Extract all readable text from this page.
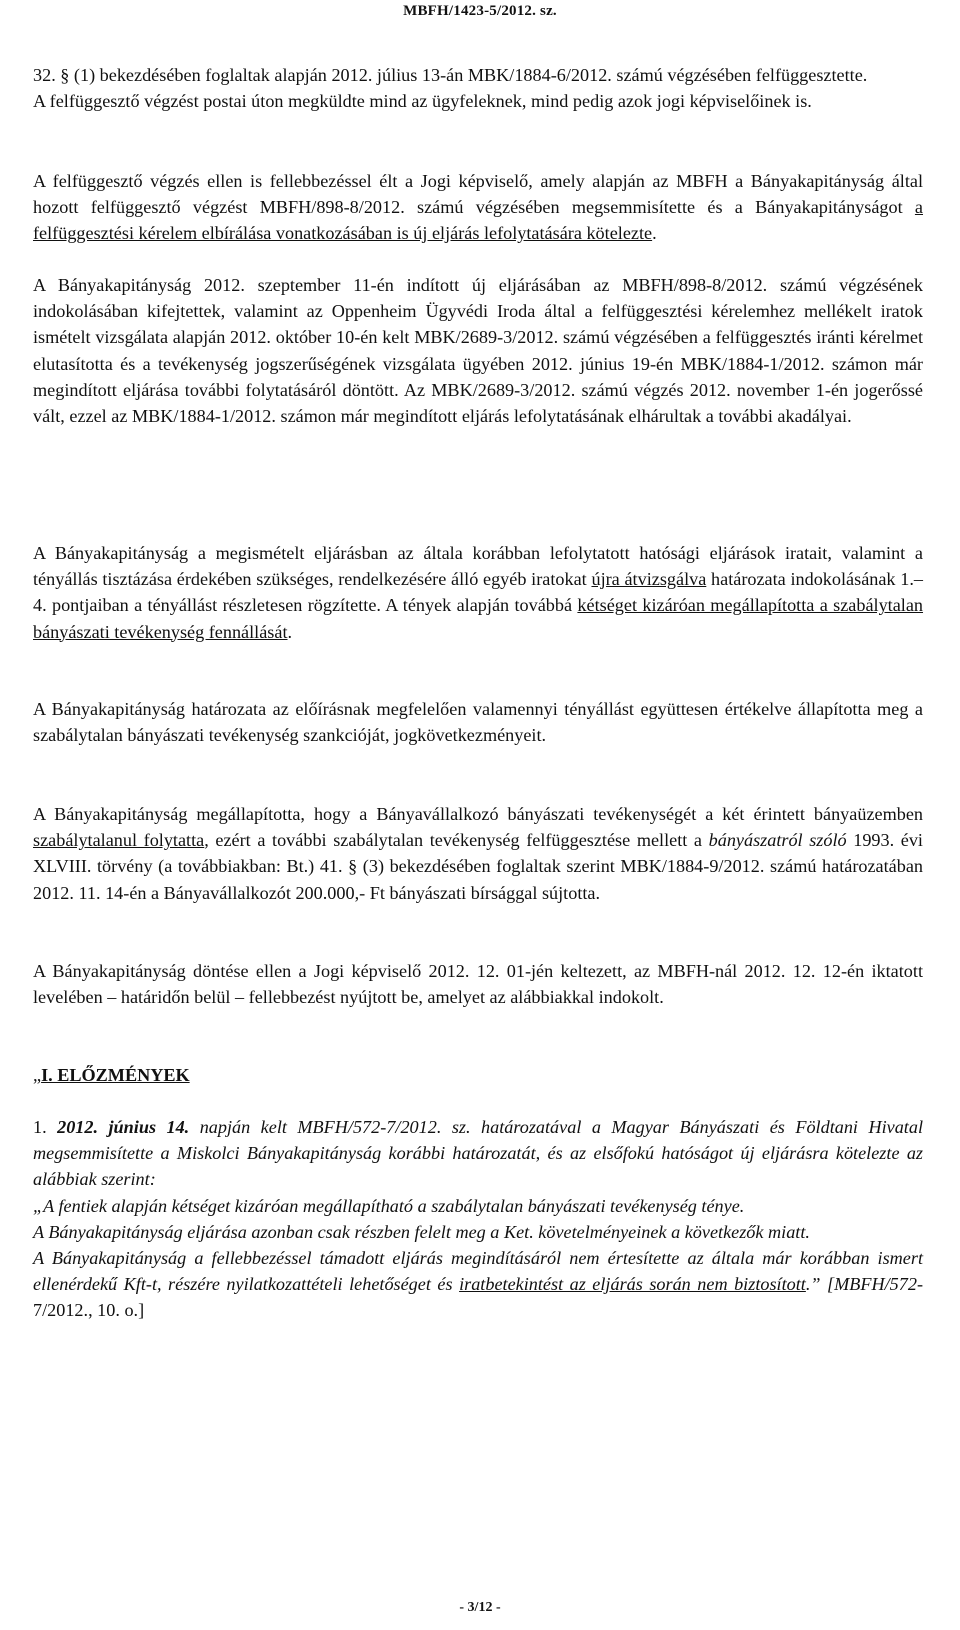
MBFH/1423-5/2012. sz.

32. § (1) bekezdésében foglaltak alapján 2012. július 13-án MBK/1884-6/2012. számú végzésében felfüggesztette.
A felfüggesztő végzést postai úton megküldte mind az ügyfeleknek, mind pedig azok jogi képviselőinek is.

A felfüggesztő végzés ellen is fellebbezéssel élt a Jogi képviselő, amely alapján az MBFH a Bányakapitányság által hozott felfüggesztő végzést MBFH/898-8/2012. számú végzésében megsemmisítette és a Bányakapitányságot a felfüggesztési kérelem elbírálása vonatkozásában is új eljárás lefolytatására kötelezte.

A Bányakapitányság 2012. szeptember 11-én indított új eljárásában az MBFH/898-8/2012. számú végzésének indokolásában kifejtettek, valamint az Oppenheim Ügyvédi Iroda által a felfüggesztési kérelemhez mellékelt iratok ismételt vizsgálata alapján 2012. október 10-én kelt MBK/2689-3/2012. számú végzésében a felfüggesztés iránti kérelmet elutasította és a tevékenység jogszerűségének vizsgálata ügyében 2012. június 19-én MBK/1884-1/2012. számon már megindított eljárása további folytatásáról döntött. Az MBK/2689-3/2012. számú végzés 2012. november 1-én jogerőssé vált, ezzel az MBK/1884-1/2012. számon már megindított eljárás lefolytatásának elhárultak a további akadályai.

A Bányakapitányság a megismételt eljárásban az általa korábban lefolytatott hatósági eljárások iratait, valamint a tényállás tisztázása érdekében szükséges, rendelkezésére álló egyéb iratokat újra átvizsgálva határozata indokolásának 1.–4. pontjaiban a tényállást részletesen rögzítette. A tények alapján továbbá kétséget kizáróan megállapította a szabálytalan bányászati tevékenység fennállását.

A Bányakapitányság határozata az előírásnak megfelelően valamennyi tényállást együttesen értékelve állapította meg a szabálytalan bányászati tevékenység szankcióját, jogkövetkezményeit.

A Bányakapitányság megállapította, hogy a Bányavállalkozó bányászati tevékenységét a két érintett bányaüzemben szabálytalanul folytatta, ezért a további szabálytalan tevékenység felfüggesztése mellett a bányászatról szóló 1993. évi XLVIII. törvény (a továbbiakban: Bt.) 41. § (3) bekezdésében foglaltak szerint MBK/1884-9/2012. számú határozatában 2012. 11. 14-én a Bányavállalkozót 200.000,- Ft bányászati bírsággal sújtotta.

A Bányakapitányság döntése ellen a Jogi képviselő 2012. 12. 01-jén keltezett, az MBFH-nál 2012. 12. 12-én iktatott levelében – határidőn belül – fellebbezést nyújtott be, amelyet az alábbiakkal indokolt.

„I. ELŐZMÉNYEK

1. 2012. június 14. napján kelt MBFH/572-7/2012. sz. határozatával a Magyar Bányászati és Földtani Hivatal megsemmisítette a Miskolci Bányakapitányság korábbi határozatát, és az elsőfokú hatóságot új eljárásra kötelezte az alábbiak szerint:
„A fentiek alapján kétséget kizáróan megállapítható a szabálytalan bányászati tevékenység ténye.
A Bányakapitányság eljárása azonban csak részben felelt meg a Ket. követelményeinek a következők miatt.
A Bányakapitányság a fellebbezéssel támadott eljárás megindításáról nem értesítette az általa már korábban ismert ellenérdekű Kft-t, részére nyilatkozattételi lehetőséget és iratbetekintést az eljárás során nem biztosított.” [MBFH/572-7/2012., 10. o.]

- 3/12 -
